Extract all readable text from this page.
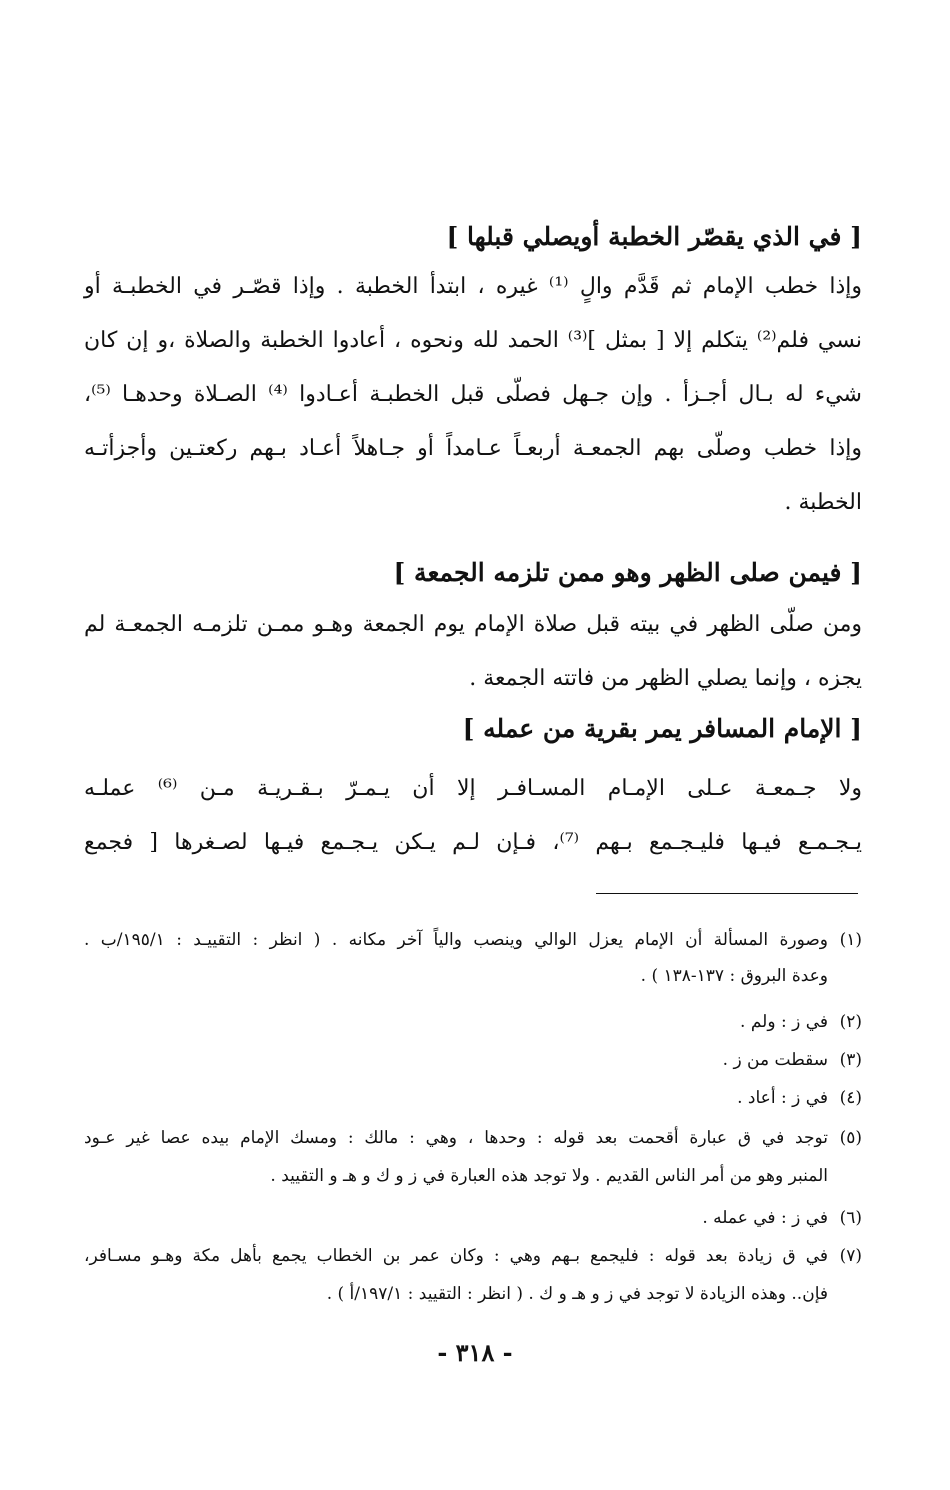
[ في الذي يقصّر الخطبة أويصلي قبلها ]
وإذا خطب الإمام ثم قَدَّم والٍ ⁽¹⁾ غيره ، ابتدأ الخطبة . وإذا قصّـر في الخطبـة أو
نسي فلم⁽²⁾ يتكلم إلا [ بمثل ]⁽³⁾ الحمد لله ونحوه ، أعادوا الخطبة والصلاة ،و إن كان
شيء له بـال أجـزأ . وإن جـهل فصلّى قبل الخطبـة أعـادوا ⁽⁴⁾ الصـلاة وحدهـا ⁽⁵⁾،
وإذا خطب وصلّى بهم الجمعـة أربعـاً عـامداً أو جـاهلاً أعـاد بـهم ركعتـين وأجزأتـه
الخطبة .
[ فيمن صلى الظهر وهو ممن تلزمه الجمعة ]
ومن صلّى الظهر في بيته قبل صلاة الإمام يوم الجمعة وهـو ممـن تلزمـه الجمعـة لم
يجزه ، وإنما يصلي الظهر من فاتته الجمعة .
[ الإمام المسافر يمر بقرية من عمله ]
ولا جـمعـة عـلى الإمـام المسـافـر إلا أن يـمـرّ بـقـريـة مـن ⁽⁶⁾ عملـه
يـجـمـع فيـها فليـجـمع بـهم ⁽⁷⁾، فـإن لـم يـكن يـجـمع فيـها لصـغرها [ فجمع
(١)وصورة المسألة أن الإمام يعزل الوالي وينصب والياً آخر مكانه . ( انظر : التقييـد : ١٩٥/١/ب .
وعدة البروق : ١٣٧-١٣٨ ) .
(٢)في ز : ولم .
(٣)سقطت من ز .
(٤)في ز : أعاد .
(٥)توجد في ق عبارة أقحمت بعد قوله : وحدها ، وهي : مالك : ومسك الإمام بيده عصا غير عـود
المنبر وهو من أمر الناس القديم . ولا توجد هذه العبارة في ز و ك و هـ و التقييد .
(٦)في ز : في عمله .
(٧)في ق زيادة بعد قوله : فليجمع بـهم وهي : وكان عمر بن الخطاب يجمع بأهل مكة وهـو مسـافر،
فإن.. وهذه الزيادة لا توجد في ز و هـ و ك . ( انظر : التقييد : ١٩٧/١/أ ) .
- ٣١٨ -
